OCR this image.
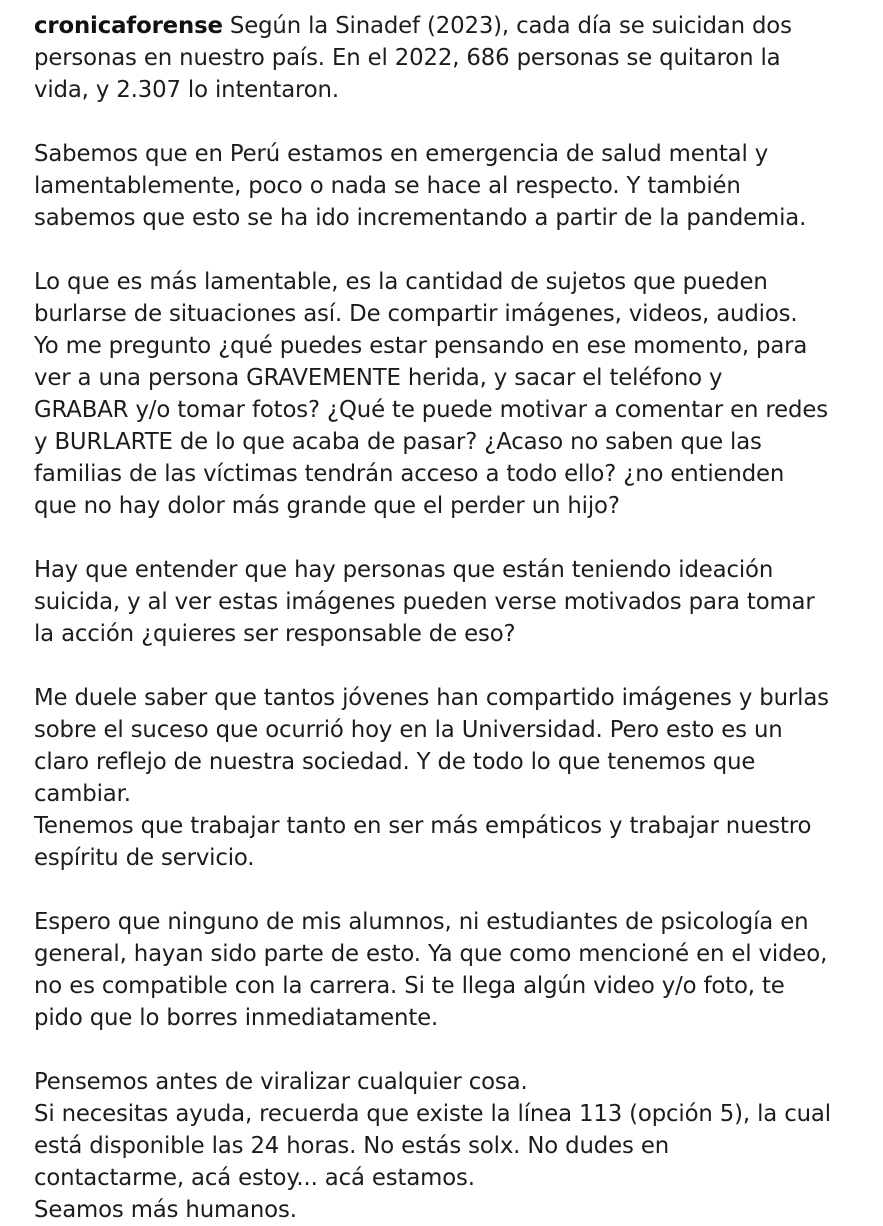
cronicaforense Según la Sinadef (2023), cada día se suicidan dos
personas en nuestro país. En el 2022, 686 personas se quitaron la
vida, y 2.307 lo intentaron.
Sabemos que en Perú estamos en emergencia de salud mental y
lamentablemente, poco o nada se hace al respecto. Y también
sabemos que esto se ha ido incrementando a partir de la pandemia.
Lo que es más lamentable, es la cantidad de sujetos que pueden
burlarse de situaciones así. De compartir imágenes, videos, audios.
Yo me pregunto ¿qué puedes estar pensando en ese momento, para
ver a una persona GRAVEMENTE herida, y sacar el teléfono y
GRABAR y/o tomar fotos? ¿Qué te puede motivar a comentar en redes
y BURLARTE de lo que acaba de pasar? ¿Acaso no saben que las
familias de las víctimas tendrán acceso a todo ello? ¿no entienden
que no hay dolor más grande que el perder un hijo?
Hay que entender que hay personas que están teniendo ideación
suicida, y al ver estas imágenes pueden verse motivados para tomar
la acción ¿quieres ser responsable de eso?
Me duele saber que tantos jóvenes han compartido imágenes y burlas
sobre el suceso que ocurrió hoy en la Universidad. Pero esto es un
claro reflejo de nuestra sociedad. Y de todo lo que tenemos que
cambiar.
Tenemos que trabajar tanto en ser más empáticos y trabajar nuestro
espíritu de servicio.
Espero que ninguno de mis alumnos, ni estudiantes de psicología en
general, hayan sido parte de esto. Ya que como mencioné en el video,
no es compatible con la carrera. Si te llega algún video y/o foto, te
pido que lo borres inmediatamente.
Pensemos antes de viralizar cualquier cosa.
Si necesitas ayuda, recuerda que existe la línea 113 (opción 5), la cual
está disponible las 24 horas. No estás solx. No dudes en
contactarme, acá estoy... acá estamos.
Seamos más humanos.
